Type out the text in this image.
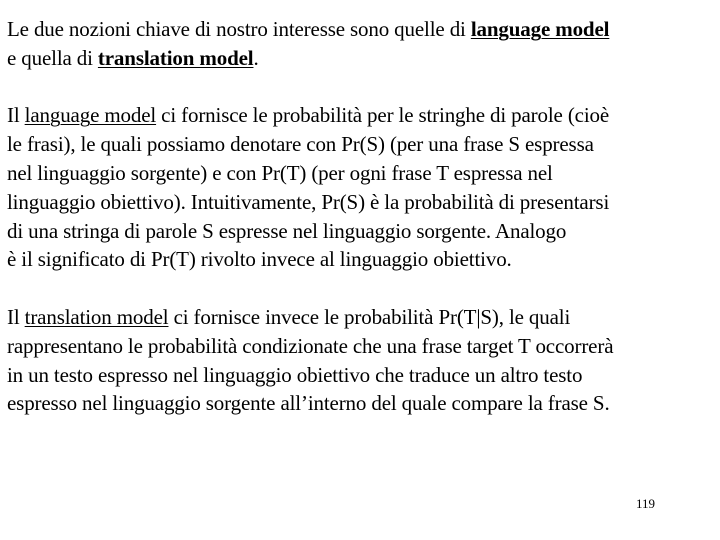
Le due nozioni chiave di nostro interesse sono quelle di language model
e quella di translation model.
Il language model ci fornisce le probabilità per le stringhe di parole (cioè
le frasi), le quali possiamo denotare con Pr(S) (per una frase S espressa
nel linguaggio sorgente) e con Pr(T) (per ogni frase T espressa nel
linguaggio obiettivo). Intuitivamente, Pr(S) è la probabilità di presentarsi
di una stringa di parole S espresse nel linguaggio sorgente. Analogo
è il significato di Pr(T) rivolto invece al linguaggio obiettivo.
Il translation model ci fornisce invece le probabilità Pr(T|S), le quali
rappresentano le probabilità condizionate che una frase target T occorrerà
in un testo espresso nel linguaggio obiettivo che traduce un altro testo
espresso nel linguaggio sorgente all’interno del quale compare la frase S.
119
